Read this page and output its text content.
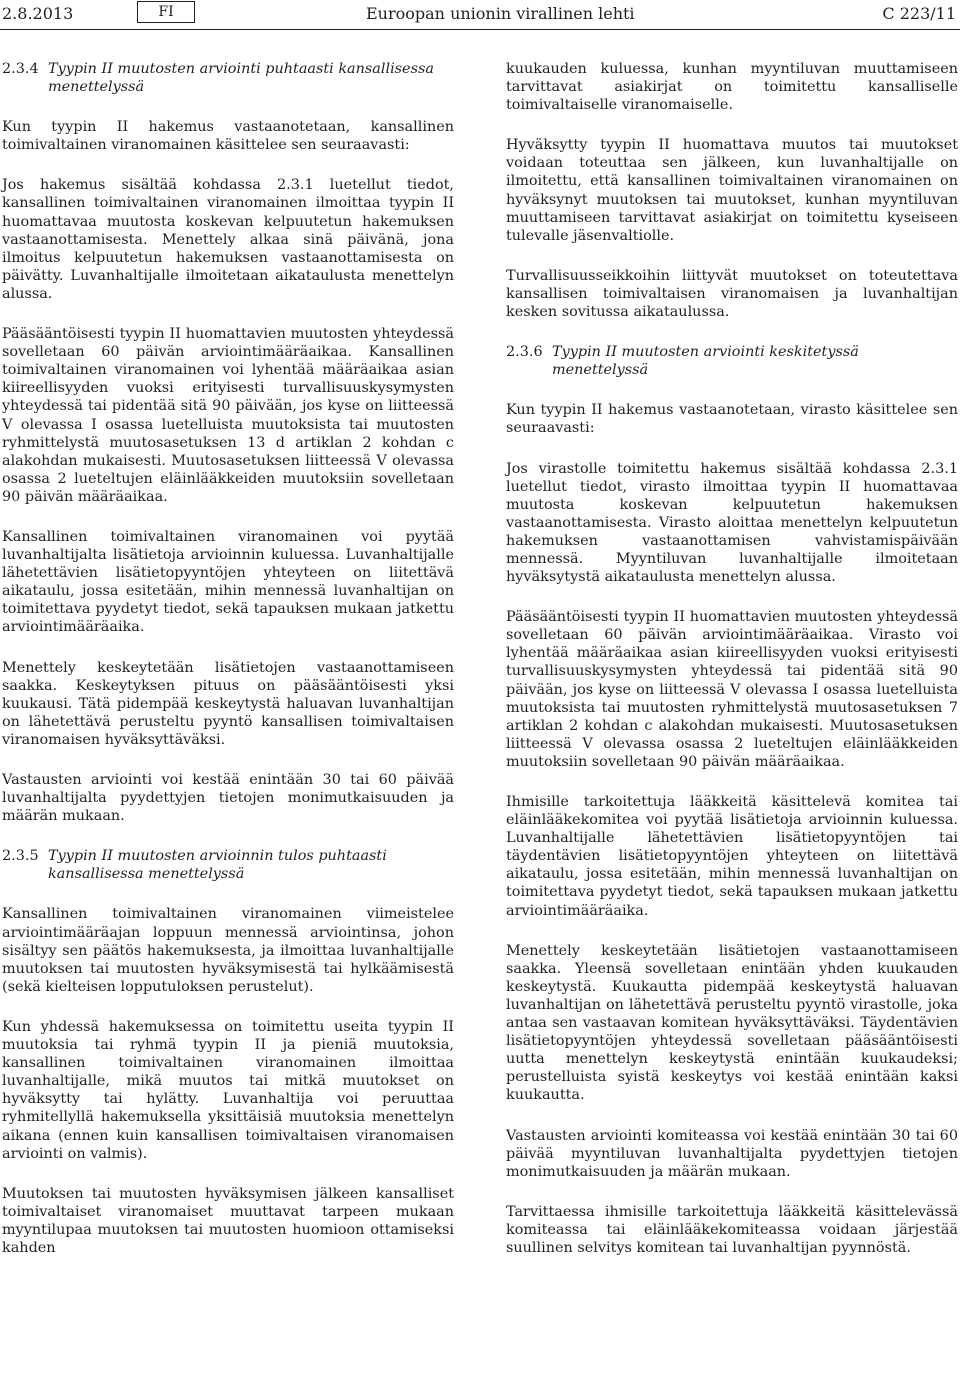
2.8.2013	FI	Euroopan unionin virallinen lehti	C 223/11
2.3.4 Tyypin II muutosten arviointi puhtaasti kansallisessa menettelyssä

Kun tyypin II hakemus vastaanotetaan, kansallinen toimivaltainen viranomainen käsittelee sen seuraavasti:

Jos hakemus sisältää kohdassa 2.3.1 luetellut tiedot, kansallinen toimivaltainen viranomainen ilmoittaa tyypin II huomattavaa muutosta koskevan kelpuutetun hakemuksen vastaanottamisesta. Menettely alkaa sinä päivänä, jona ilmoitus kelpuutetun hakemuksen vastaanottamisesta on päivätty. Luvanhaltijalle ilmoitetaan aikataulusta menettelyn alussa.

Pääsääntöisesti tyypin II huomattavien muutosten yhteydessä sovelletaan 60 päivän arviointimääräaikaa. Kansallinen toimivaltainen viranomainen voi lyhentää määräaikaa asian kiireellisyyden vuoksi erityisesti turvallisuuskysymysten yhteydessä tai pidentää sitä 90 päivään, jos kyse on liitteessä V olevassa I osassa luetelluista muutoksista tai muutosten ryhmittelystä muutosasetuksen 13 d artiklan 2 kohdan c alakohdan mukaisesti. Muutosasetuksen liitteessä V olevassa osassa 2 lueteltujen eläinlääkkeiden muutoksiin sovelletaan 90 päivän määräaikaa.

Kansallinen toimivaltainen viranomainen voi pyytää luvanhaltijalta lisätietoja arvioinnin kuluessa. Luvanhaltijalle lähetettävien lisätietopyyntöjen yhteyteen on liitettävä aikataulu, jossa esitetään, mihin mennessä luvanhaltijan on toimitettava pyydetyt tiedot, sekä tapauksen mukaan jatkettu arviointimääräaika.

Menettely keskeytetään lisätietojen vastaanottamiseen saakka. Keskeytyksen pituus on pääsääntöisesti yksi kuukausi. Tätä pidempää keskeytystä haluavan luvanhaltijan on lähetettävä perusteltu pyyntö kansallisen toimivaltaisen viranomaisen hyväksyttäväksi.

Vastausten arviointi voi kestää enintään 30 tai 60 päivää luvanhaltijalta pyydettyjen tietojen monimutkaisuuden ja määrän mukaan.

2.3.5 Tyypin II muutosten arvioinnin tulos puhtaasti kansallisessa menettelyssä

Kansallinen toimivaltainen viranomainen viimeistelee arviointimääräajan loppuun mennessä arviointinsa, johon sisältyy sen päätös hakemuksesta, ja ilmoittaa luvanhaltijalle muutoksen tai muutosten hyväksymisestä tai hylkäämisestä (sekä kielteisen lopputuloksen perustelut).

Kun yhdessä hakemuksessa on toimitettu useita tyypin II muutoksia tai ryhmä tyypin II ja pieniä muutoksia, kansallinen toimivaltainen viranomainen ilmoittaa luvanhaltijalle, mikä muutos tai mitkä muutokset on hyväksytty tai hylätty. Luvanhaltija voi peruuttaa ryhmitellyllä hakemuksella yksittäisiä muutoksia menettelyn aikana (ennen kuin kansallisen toimivaltaisen viranomaisen arviointi on valmis).

Muutoksen tai muutosten hyväksymisen jälkeen kansalliset toimivaltaiset viranomaiset muuttavat tarpeen mukaan myyntilupaa muutoksen tai muutosten huomioon ottamiseksi kahden

kuukauden kuluessa, kunhan myyntiluvan muuttamiseen tarvittavat asiakirjat on toimitettu kansalliselle toimivaltaiselle viranomaiselle.

Hyväksytty tyypin II huomattava muutos tai muutokset voidaan toteuttaa sen jälkeen, kun luvanhaltijalle on ilmoitettu, että kansallinen toimivaltainen viranomainen on hyväksynyt muutoksen tai muutokset, kunhan myyntiluvan muuttamiseen tarvittavat asiakirjat on toimitettu kyseiseen tulevalle jäsenvaltiolle.

Turvallisuusseikkoihin liittyvät muutokset on toteutettava kansallisen toimivaltaisen viranomaisen ja luvanhaltijan kesken sovitussa aikataulussa.

2.3.6 Tyypin II muutosten arviointi keskitetyssä menettelyssä

Kun tyypin II hakemus vastaanotetaan, virasto käsittelee sen seuraavasti:

Jos virastolle toimitettu hakemus sisältää kohdassa 2.3.1 luetellut tiedot, virasto ilmoittaa tyypin II huomattavaa muutosta koskevan kelpuutetun hakemuksen vastaanottamisesta. Virasto aloittaa menettelyn kelpuutetun hakemuksen vastaanottamisen vahvistamispäivään mennessä. Myyntiluvan luvanhaltijalle ilmoitetaan hyväksytystä aikataulusta menettelyn alussa.

Pääsääntöisesti tyypin II huomattavien muutosten yhteydessä sovelletaan 60 päivän arviointimääräaikaa. Virasto voi lyhentää määräaikaa asian kiireellisyyden vuoksi erityisesti turvallisuuskysymysten yhteydessä tai pidentää sitä 90 päivään, jos kyse on liitteessä V olevassa I osassa luetelluista muutoksista tai muutosten ryhmittelystä muutosasetuksen 7 artiklan 2 kohdan c alakohdan mukaisesti. Muutosasetuksen liitteessä V olevassa osassa 2 lueteltujen eläinlääkkeiden muutoksiin sovelletaan 90 päivän määräaikaa.

Ihmisille tarkoitettuja lääkkeitä käsittelevä komitea tai eläinlääkekomitea voi pyytää lisätietoja arvioinnin kuluessa. Luvanhaltijalle lähetettävien lisätietopyyntöjen tai täydentävien lisätietopyyntöjen yhteyteen on liitettävä aikataulu, jossa esitetään, mihin mennessä luvanhaltijan on toimitettava pyydetyt tiedot, sekä tapauksen mukaan jatkettu arviointimääräaika.

Menettely keskeytetään lisätietojen vastaanottamiseen saakka. Yleensä sovelletaan enintään yhden kuukauden keskeytystä. Kuukautta pidempää keskeytystä haluavan luvanhaltijan on lähetettävä perusteltu pyyntö virastolle, joka antaa sen vastaavan komitean hyväksyttäväksi. Täydentävien lisätietopyyntöjen yhteydessä sovelletaan pääsääntöisesti uutta menettelyn keskeytystä enintään kuukaudeksi; perustelluista syistä keskeytys voi kestää enintään kaksi kuukautta.

Vastausten arviointi komiteassa voi kestää enintään 30 tai 60 päivää myyntiluvan luvanhaltijalta pyydettyjen tietojen monimutkaisuuden ja määrän mukaan.

Tarvittaessa ihmisille tarkoitettuja lääkkeitä käsittelevässä komiteassa tai eläinlääkekomiteassa voidaan järjestää suullinen selvitys komitean tai luvanhaltijan pyynnöstä.
